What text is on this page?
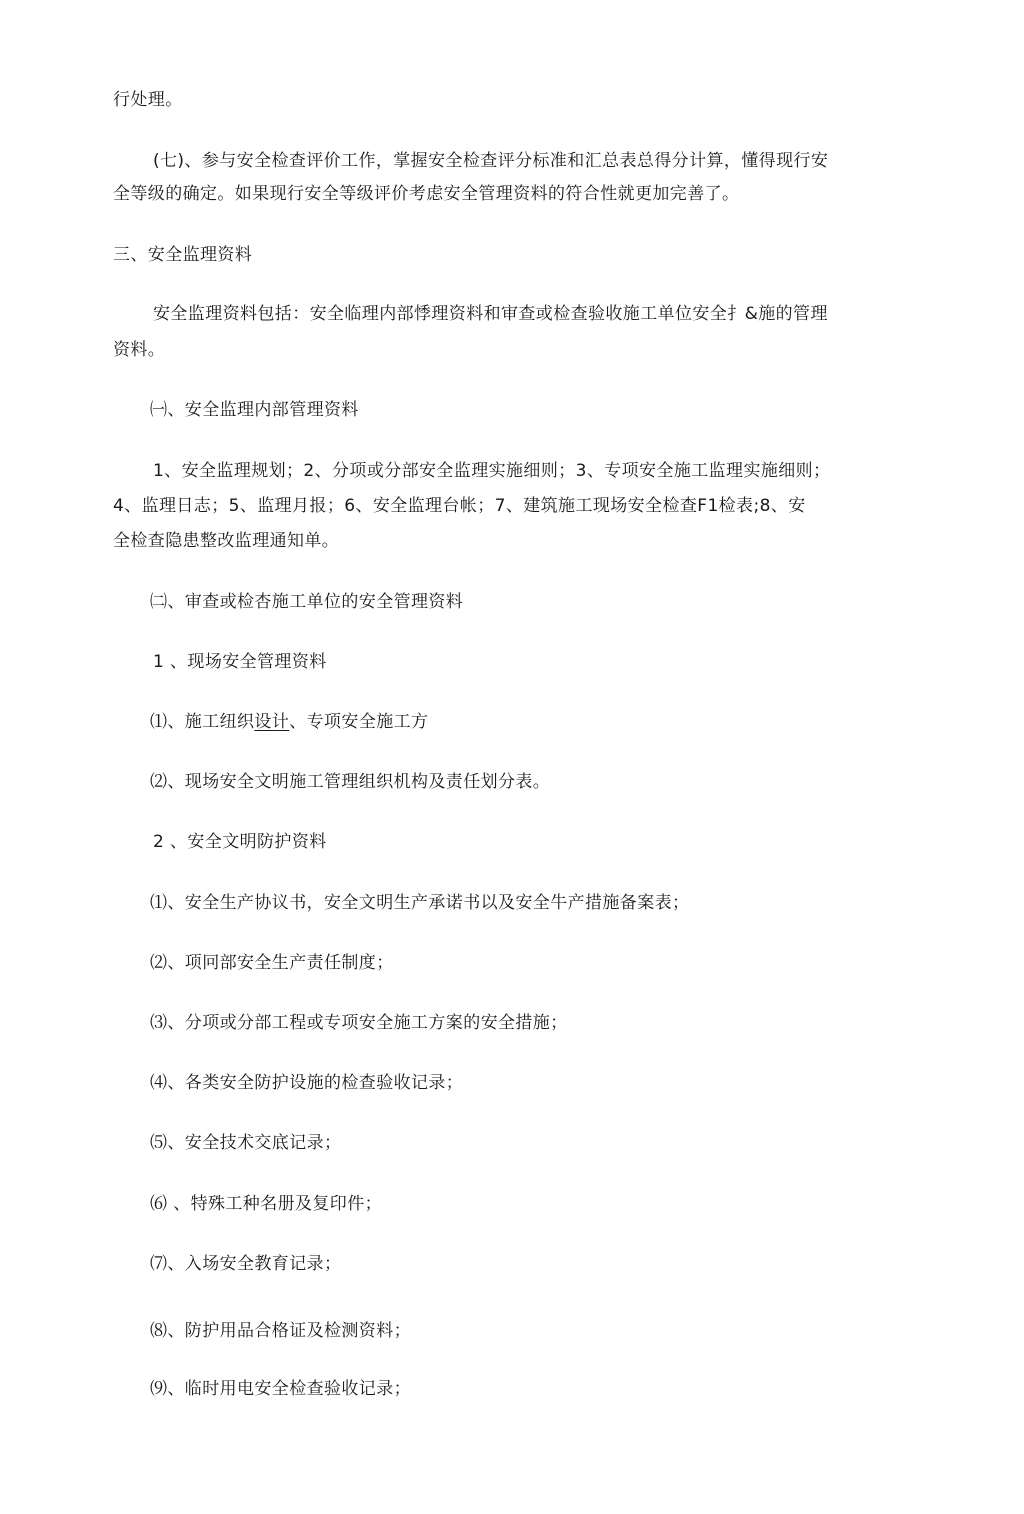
行处理。
(七)、参与安全检查评价工作，掌握安全检查评分标准和汇总表总得分计算，懂得现行安
全等级的确定。如果现行安全等级评价考虑安全管理资料的符合性就更加完善了。
三、安全监理资料
安全监理资料包括：安全临理内部悸理资料和审查或检查验收施工单位安全扌&施的管理
资料。
㈠、安全监理内部管理资料
1、安全监理规划；2、分项或分部安全监理实施细则；3、专项安全施工监理实施细则；
4、监理日志；5、监理月报；6、安全监理台帐；7、建筑施工现场安全检查F1检表;8、安
全检查隐患整改监理通知单。
㈡、审查或检杏施工单位的安全管理资料
1 、现场安全管理资料
⑴、施工纽织设计、专项安全施工方
⑵、现场安全文明施工管理组织机构及责任划分表。
2 、安全文明防护资料
⑴、安全生产协议书，安全文明生产承诺书以及安全牛产措施备案表；
⑵、项冋部安全生产责任制度；
⑶、分项或分部工程或专项安全施工方案的安全措施；
⑷、各类安全防护设施的检查验收记录；
⑸、安全技术交底记录；
⑹ 、特殊工种名册及复印件；
⑺、入场安全教育记录；
⑻、防护用品合格证及检测资料；
⑼、临时用电安全检查验收记录；
